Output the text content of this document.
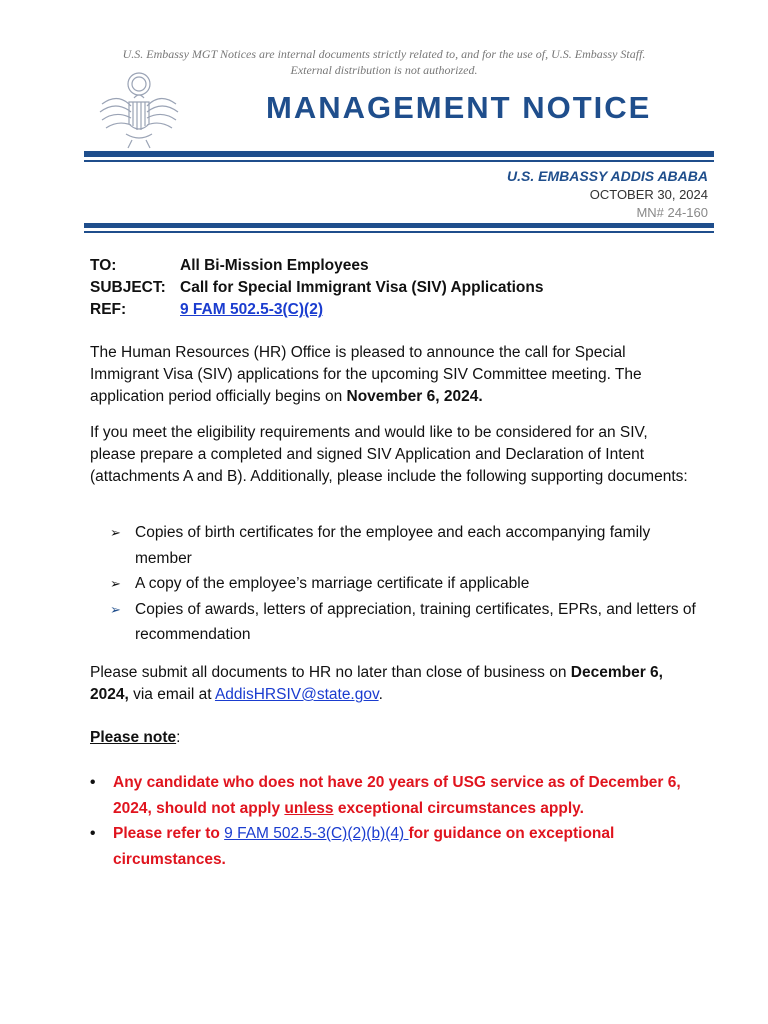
U.S. Embassy MGT Notices are internal documents strictly related to, and for the use of, U.S. Embassy Staff.
External distribution is not authorized.
MANAGEMENT NOTICE
U.S. EMBASSY ADDIS ABABA
OCTOBER 30, 2024
MN# 24-160
TO:	All Bi-Mission Employees
SUBJECT: Call for Special Immigrant Visa (SIV) Applications
REF:	9 FAM 502.5-3(C)(2)
The Human Resources (HR) Office is pleased to announce the call for Special Immigrant Visa (SIV) applications for the upcoming SIV Committee meeting. The application period officially begins on November 6, 2024.
If you meet the eligibility requirements and would like to be considered for an SIV, please prepare a completed and signed SIV Application and Declaration of Intent (attachments A and B). Additionally, please include the following supporting documents:
➢ Copies of birth certificates for the employee and each accompanying family member
➢ A copy of the employee’s marriage certificate if applicable
➢ Copies of awards, letters of appreciation, training certificates, EPRs, and letters of recommendation
Please submit all documents to HR no later than close of business on December 6, 2024, via email at AddisHRSIV@state.gov.
Please note:
•	Any candidate who does not have 20 years of USG service as of December 6, 2024, should not apply unless exceptional circumstances apply.
•	Please refer to 9 FAM 502.5-3(C)(2)(b)(4) for guidance on exceptional circumstances.
